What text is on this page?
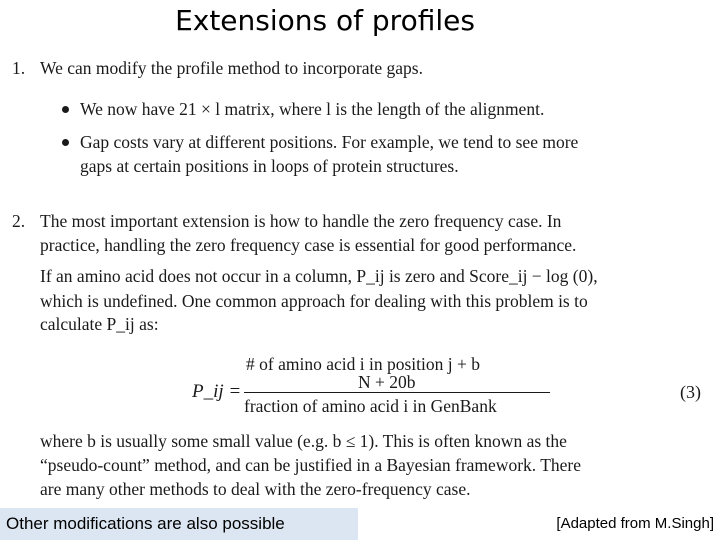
Extensions of profiles
1. We can modify the profile method to incorporate gaps.
We now have 21 × l matrix, where l is the length of the alignment.
Gap costs vary at different positions. For example, we tend to see more
gaps at certain positions in loops of protein structures.
2. The most important extension is how to handle the zero frequency case. In
practice, handling the zero frequency case is essential for good performance.
If an amino acid does not occur in a column, P_ij is zero and Score_ij − log (0),
which is undefined. One common approach for dealing with this problem is to
calculate P_ij as:
P_ij =
# of amino acid i in position j + b
N + 20b
fraction of amino acid i in GenBank
(3)
where b is usually some small value (e.g. b ≤ 1). This is often known as the
“pseudo-count” method, and can be justified in a Bayesian framework. There
are many other methods to deal with the zero-frequency case.
Other modifications are also possible	[Adapted from M.Singh]
